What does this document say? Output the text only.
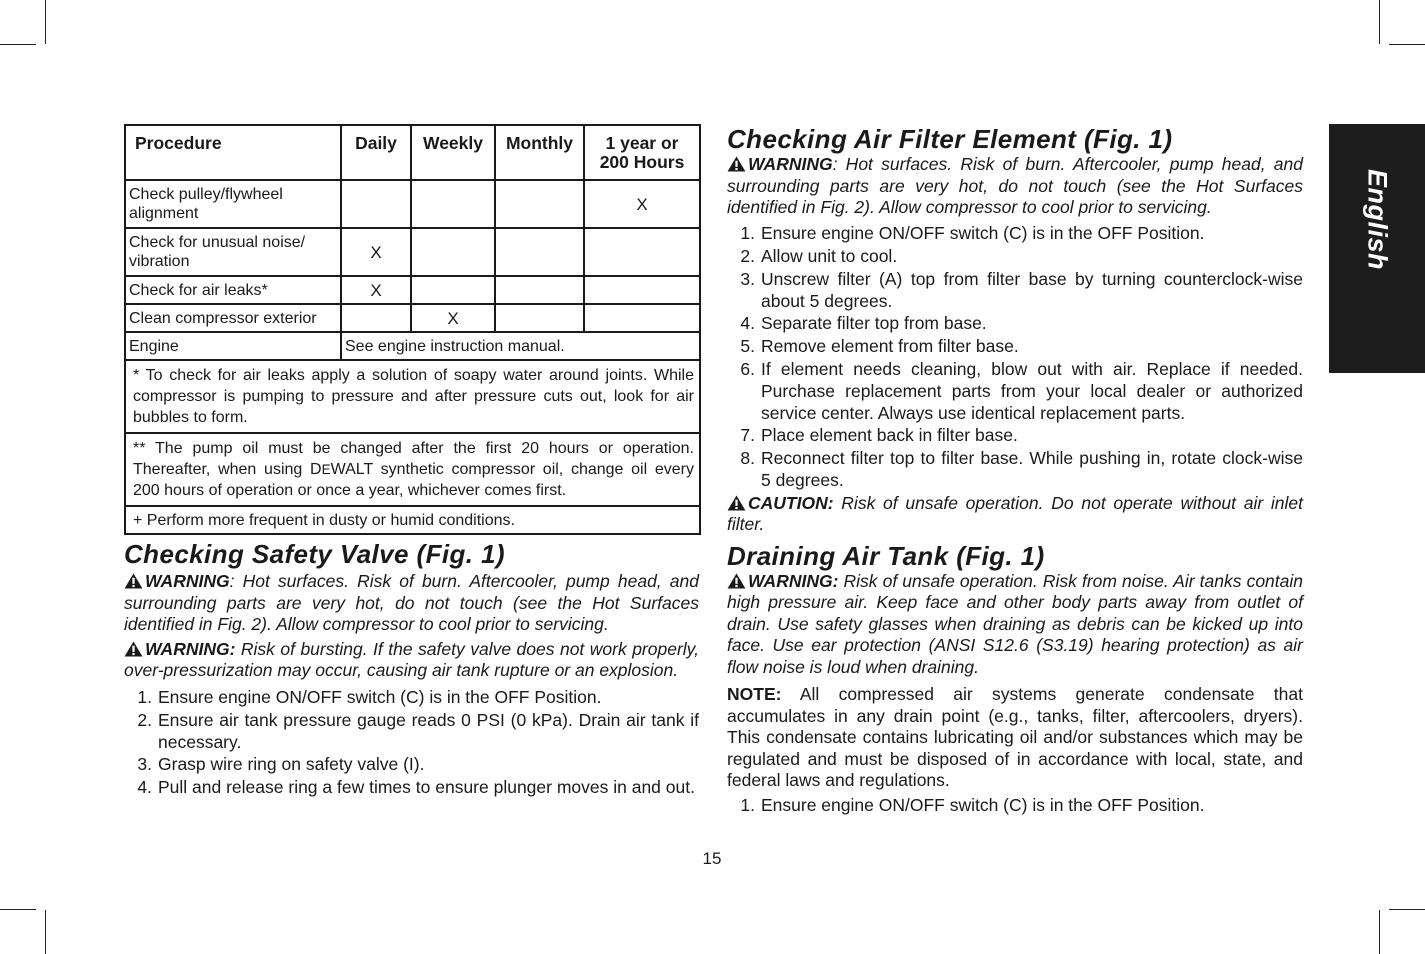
Procedure	Daily	Weekly	Monthly	1 year or 200 Hours
Check pulley/flywheel alignment				X
Check for unusual noise/ vibration	X			
Check for air leaks*	X			
Clean compressor exterior		X		
Engine	See engine instruction manual.			
* To check for air leaks apply a solution of soapy water around joints. While compressor is pumping to pressure and after pressure cuts out, look for air bubbles to form.				
** The pump oil must be changed after the first 20 hours or operation. Thereafter, when using DEWALT synthetic compressor oil, change oil every 200 hours of operation or once a year, whichever comes first.				
+ Perform more frequent in dusty or humid conditions.				
Checking Safety Valve (Fig. 1)

WARNING: Hot surfaces. Risk of burn. Aftercooler, pump head, and surrounding parts are very hot, do not touch (see the Hot Surfaces identified in Fig. 2). Allow compressor to cool prior to servicing.

WARNING: Risk of bursting. If the safety valve does not work properly, over-pressurization may occur, causing air tank rupture or an explosion.

1. Ensure engine ON/OFF switch (C) is in the OFF Position.
2. Ensure air tank pressure gauge reads 0 PSI (0 kPa). Drain air tank if necessary.
3. Grasp wire ring on safety valve (I).
4. Pull and release ring a few times to ensure plunger moves in and out.
Checking Air Filter Element (Fig. 1)

WARNING: Hot surfaces. Risk of burn. Aftercooler, pump head, and surrounding parts are very hot, do not touch (see the Hot Surfaces identified in Fig. 2). Allow compressor to cool prior to servicing.

1. Ensure engine ON/OFF switch (C) is in the OFF Position.
2. Allow unit to cool.
3. Unscrew filter (A) top from filter base by turning counterclock-wise about 5 degrees.
4. Separate filter top from base.
5. Remove element from filter base.
6. If element needs cleaning, blow out with air. Replace if needed. Purchase replacement parts from your local dealer or authorized service center. Always use identical replacement parts.
7. Place element back in filter base.
8. Reconnect filter top to filter base. While pushing in, rotate clock-wise 5 degrees.

CAUTION: Risk of unsafe operation. Do not operate without air inlet filter.

Draining Air Tank (Fig. 1)

WARNING: Risk of unsafe operation. Risk from noise. Air tanks contain high pressure air. Keep face and other body parts away from outlet of drain. Use safety glasses when draining as debris can be kicked up into face. Use ear protection (ANSI S12.6 (S3.19) hearing protection) as air flow noise is loud when draining.

NOTE: All compressed air systems generate condensate that accumulates in any drain point (e.g., tanks, filter, aftercoolers, dryers). This condensate contains lubricating oil and/or substances which may be regulated and must be disposed of in accordance with local, state, and federal laws and regulations.

1. Ensure engine ON/OFF switch (C) is in the OFF Position.
15
English
